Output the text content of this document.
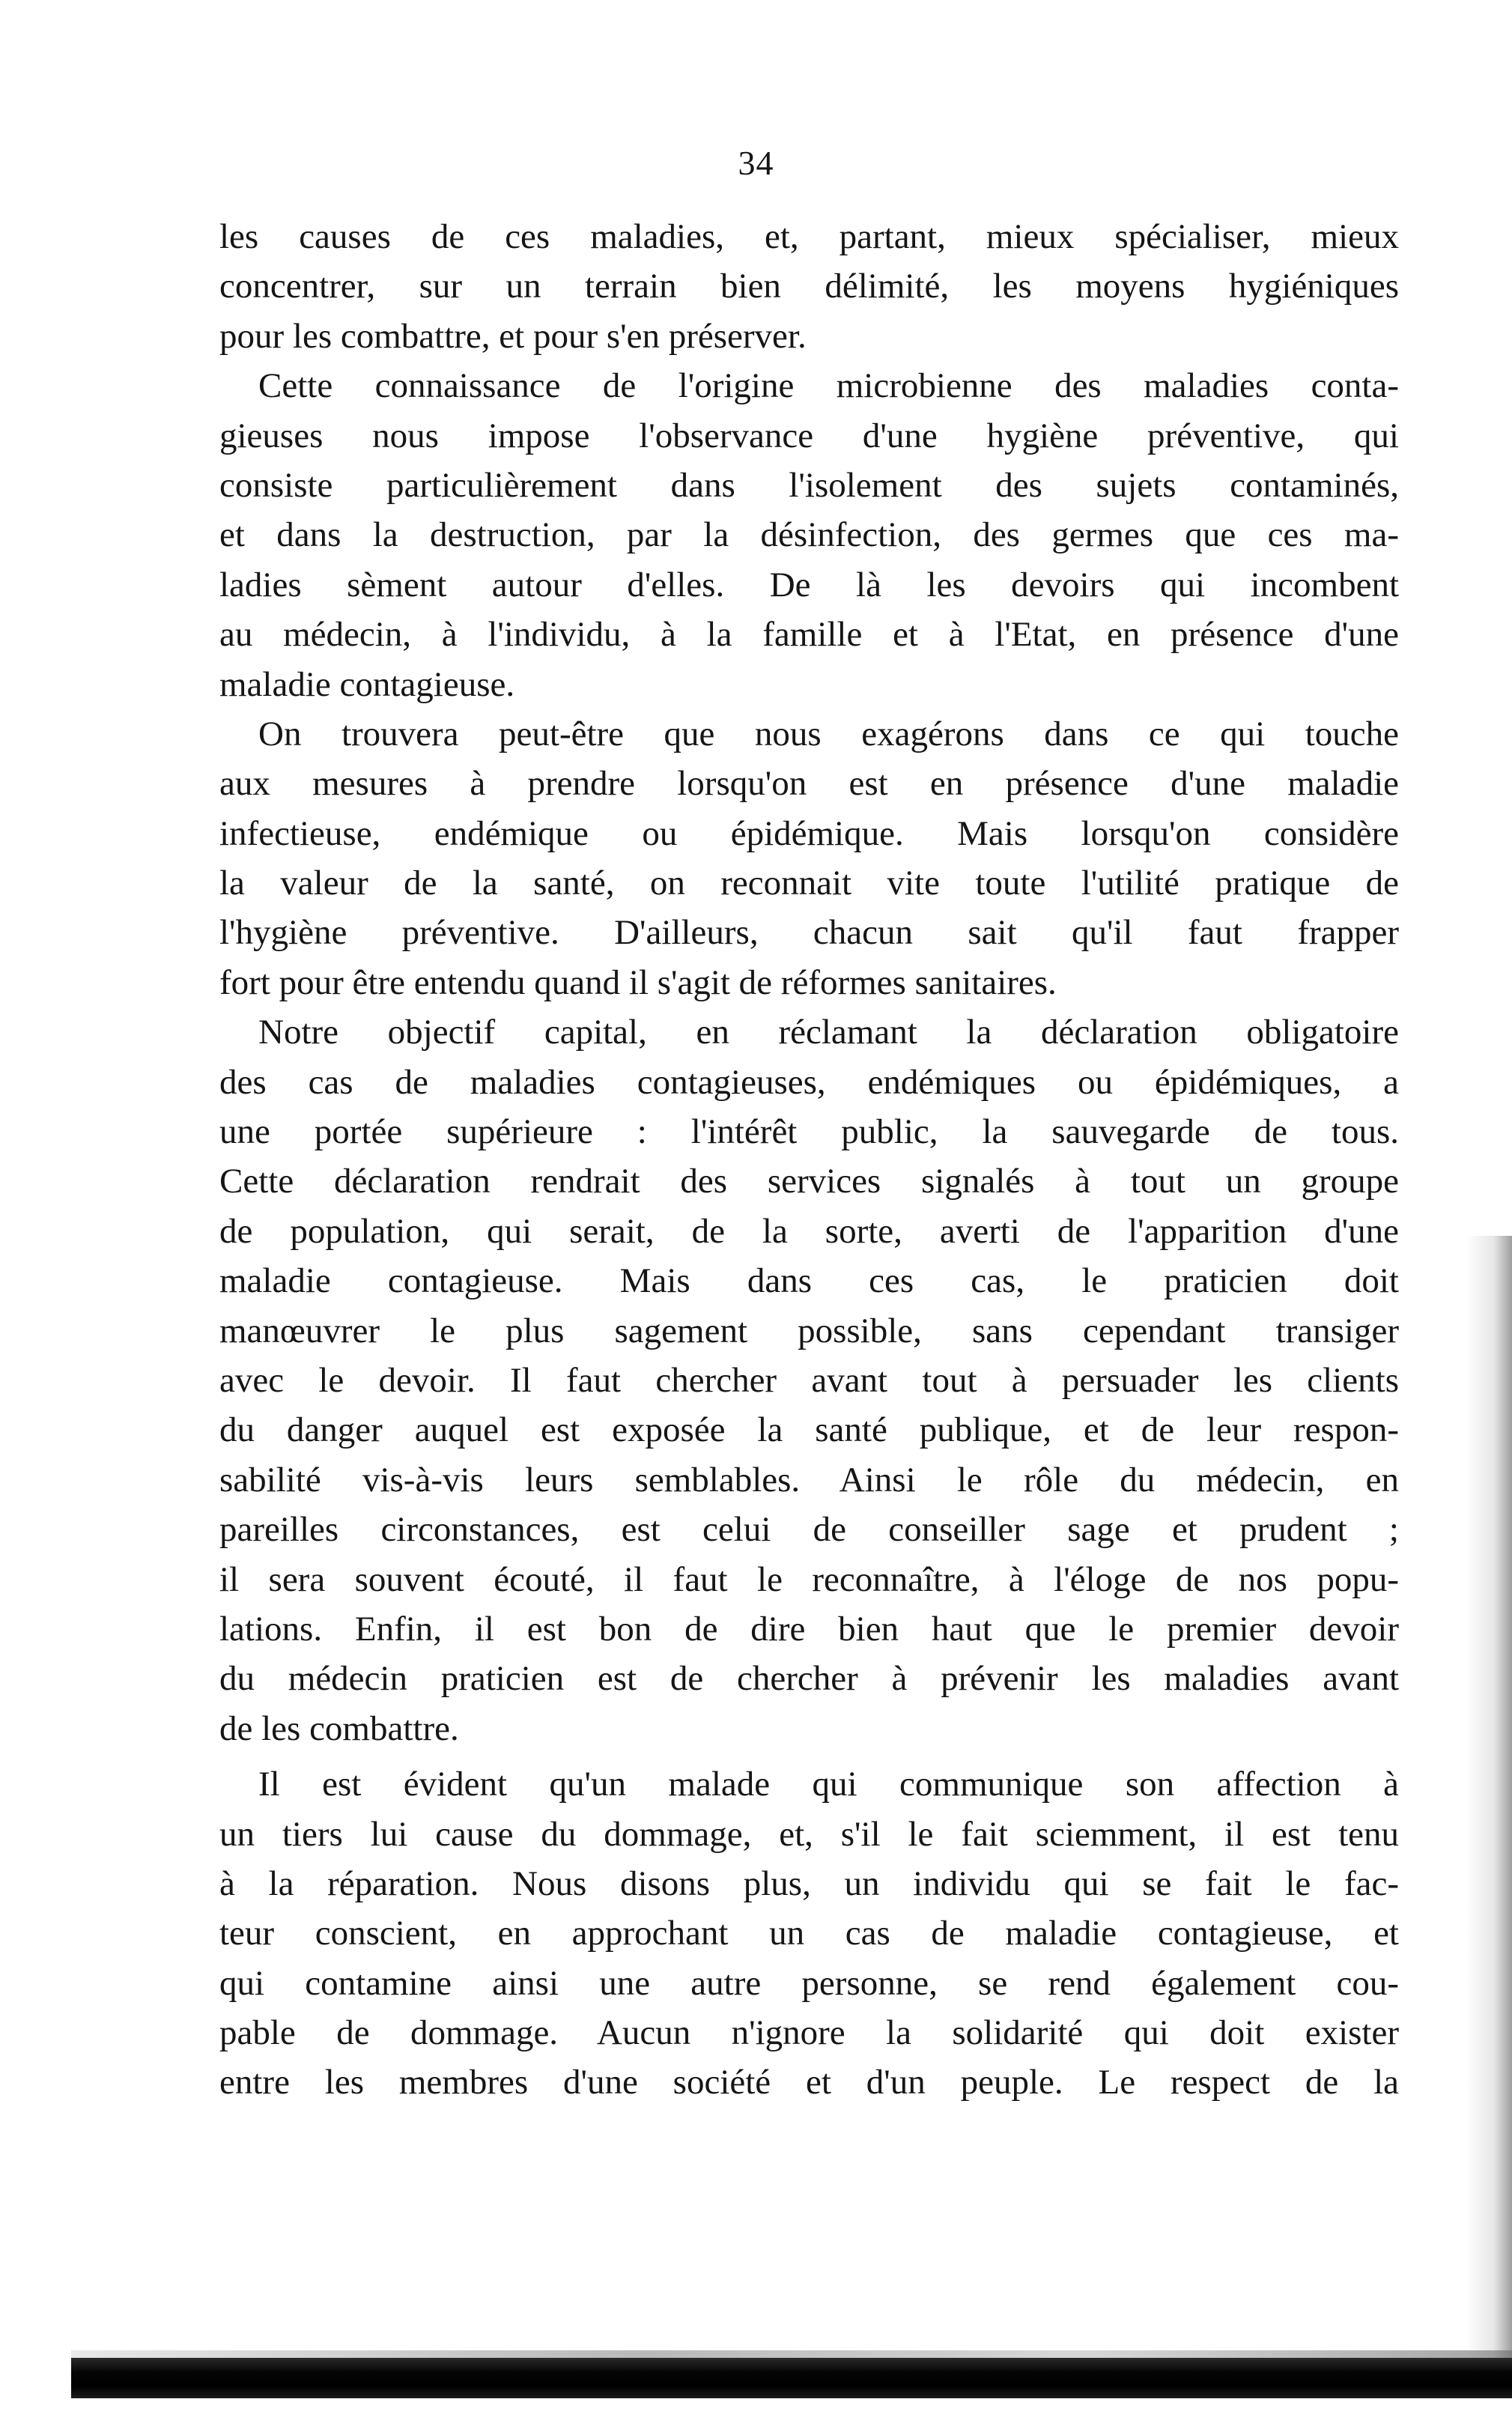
34
les causes de ces maladies, et, partant, mieux spécialiser, mieux
concentrer, sur un terrain bien délimité, les moyens hygiéniques
pour les combattre, et pour s'en préserver.
Cette connaissance de l'origine microbienne des maladies conta-
gieuses nous impose l'observance d'une hygiène préventive, qui
consiste particulièrement dans l'isolement des sujets contaminés,
et dans la destruction, par la désinfection, des germes que ces ma-
ladies sèment autour d'elles. De là les devoirs qui incombent
au médecin, à l'individu, à la famille et à l'Etat, en présence d'une
maladie contagieuse.
On trouvera peut-être que nous exagérons dans ce qui touche
aux mesures à prendre lorsqu'on est en présence d'une maladie
infectieuse, endémique ou épidémique. Mais lorsqu'on considère
la valeur de la santé, on reconnait vite toute l'utilité pratique de
l'hygiène préventive. D'ailleurs, chacun sait qu'il faut frapper
fort pour être entendu quand il s'agit de réformes sanitaires.
Notre objectif capital, en réclamant la déclaration obligatoire
des cas de maladies contagieuses, endémiques ou épidémiques, a
une portée supérieure : l'intérêt public, la sauvegarde de tous.
Cette déclaration rendrait des services signalés à tout un groupe
de population, qui serait, de la sorte, averti de l'apparition d'une
maladie contagieuse. Mais dans ces cas, le praticien doit
manœuvrer le plus sagement possible, sans cependant transiger
avec le devoir. Il faut chercher avant tout à persuader les clients
du danger auquel est exposée la santé publique, et de leur respon-
sabilité vis-à-vis leurs semblables. Ainsi le rôle du médecin, en
pareilles circonstances, est celui de conseiller sage et prudent ;
il sera souvent écouté, il faut le reconnaître, à l'éloge de nos popu-
lations. Enfin, il est bon de dire bien haut que le premier devoir
du médecin praticien est de chercher à prévenir les maladies avant
de les combattre.
Il est évident qu'un malade qui communique son affection à
un tiers lui cause du dommage, et, s'il le fait sciemment, il est tenu
à la réparation. Nous disons plus, un individu qui se fait le fac-
teur conscient, en approchant un cas de maladie contagieuse, et
qui contamine ainsi une autre personne, se rend également cou-
pable de dommage. Aucun n'ignore la solidarité qui doit exister
entre les membres d'une société et d'un peuple. Le respect de la
